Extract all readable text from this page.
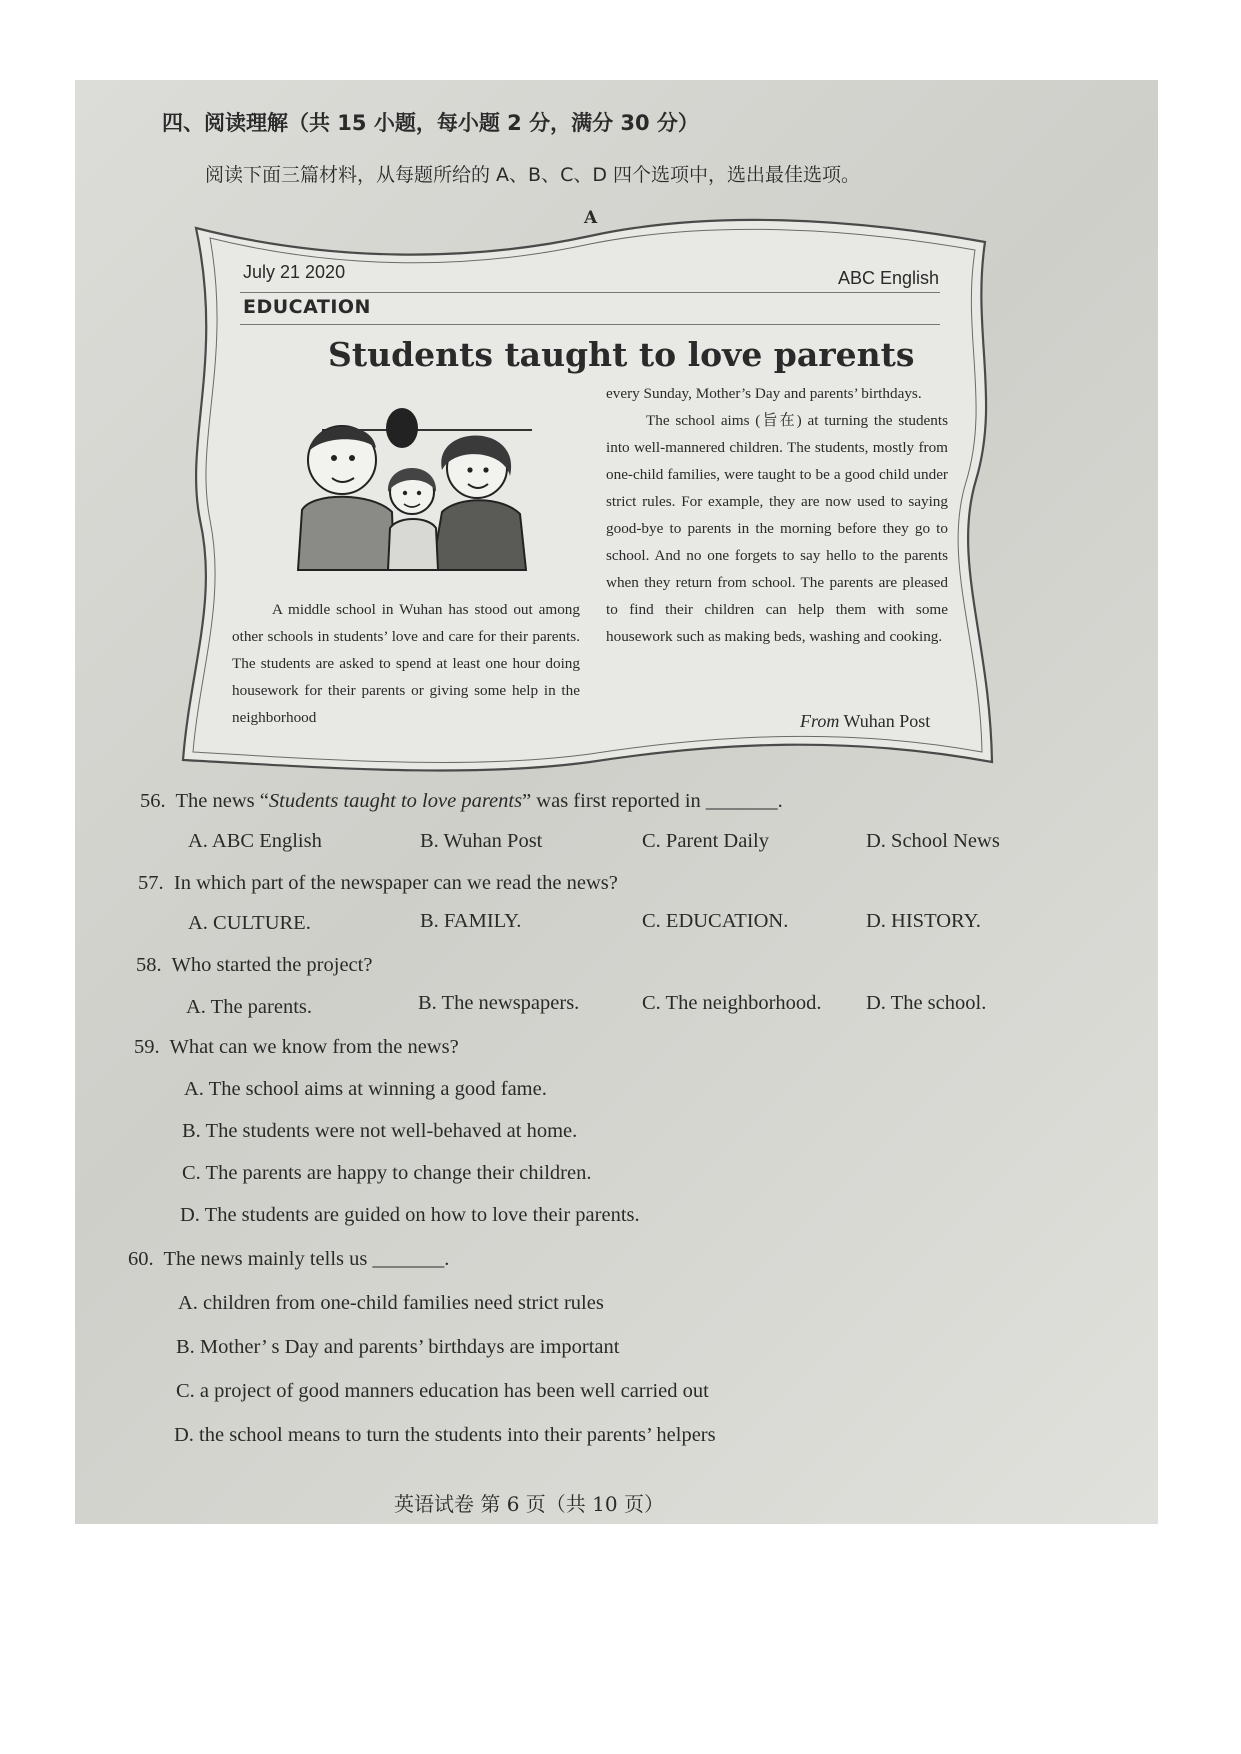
四、阅读理解（共 15 小题，每小题 2 分，满分 30 分）
阅读下面三篇材料，从每题所给的 A、B、C、D 四个选项中，选出最佳选项。
A
July 21 2020	ABC English
EDUCATION
Students taught to love parents

A middle school in Wuhan has stood out among other schools in students’ love and care for their parents. The students are asked to spend at least one hour doing housework for their parents or giving some help in the neighborhood

every Sunday, Mother’s Day and parents’ birthdays.

The school aims (旨在) at turning the students into well-mannered children. The students, mostly from one-child families, were taught to be a good child under strict rules. For example, they are now used to saying good-bye to parents in the morning before they go to school. And no one forgets to say hello to the parents when they return from school. The parents are pleased to find their children can help them with some housework such as making beds, washing and cooking.

From Wuhan Post
56. The news “Students taught to love parents” was first reported in _______.
A. ABC English	B. Wuhan Post	C. Parent Daily	D. School News
57. In which part of the newspaper can we read the news?
A. CULTURE.	B. FAMILY.	C. EDUCATION.	D. HISTORY.
58. Who started the project?
A. The parents.	B. The newspapers.	C. The neighborhood. D. The school.
59. What can we know from the news?
A. The school aims at winning a good fame.
B. The students were not well-behaved at home.
C. The parents are happy to change their children.
D. The students are guided on how to love their parents.
60. The news mainly tells us _______.
A. children from one-child families need strict rules
B. Mother’ s Day and parents’ birthdays are important
C. a project of good manners education has been well carried out
D. the school means to turn the students into their parents’ helpers
英语试卷 第 6 页（共 10 页）
